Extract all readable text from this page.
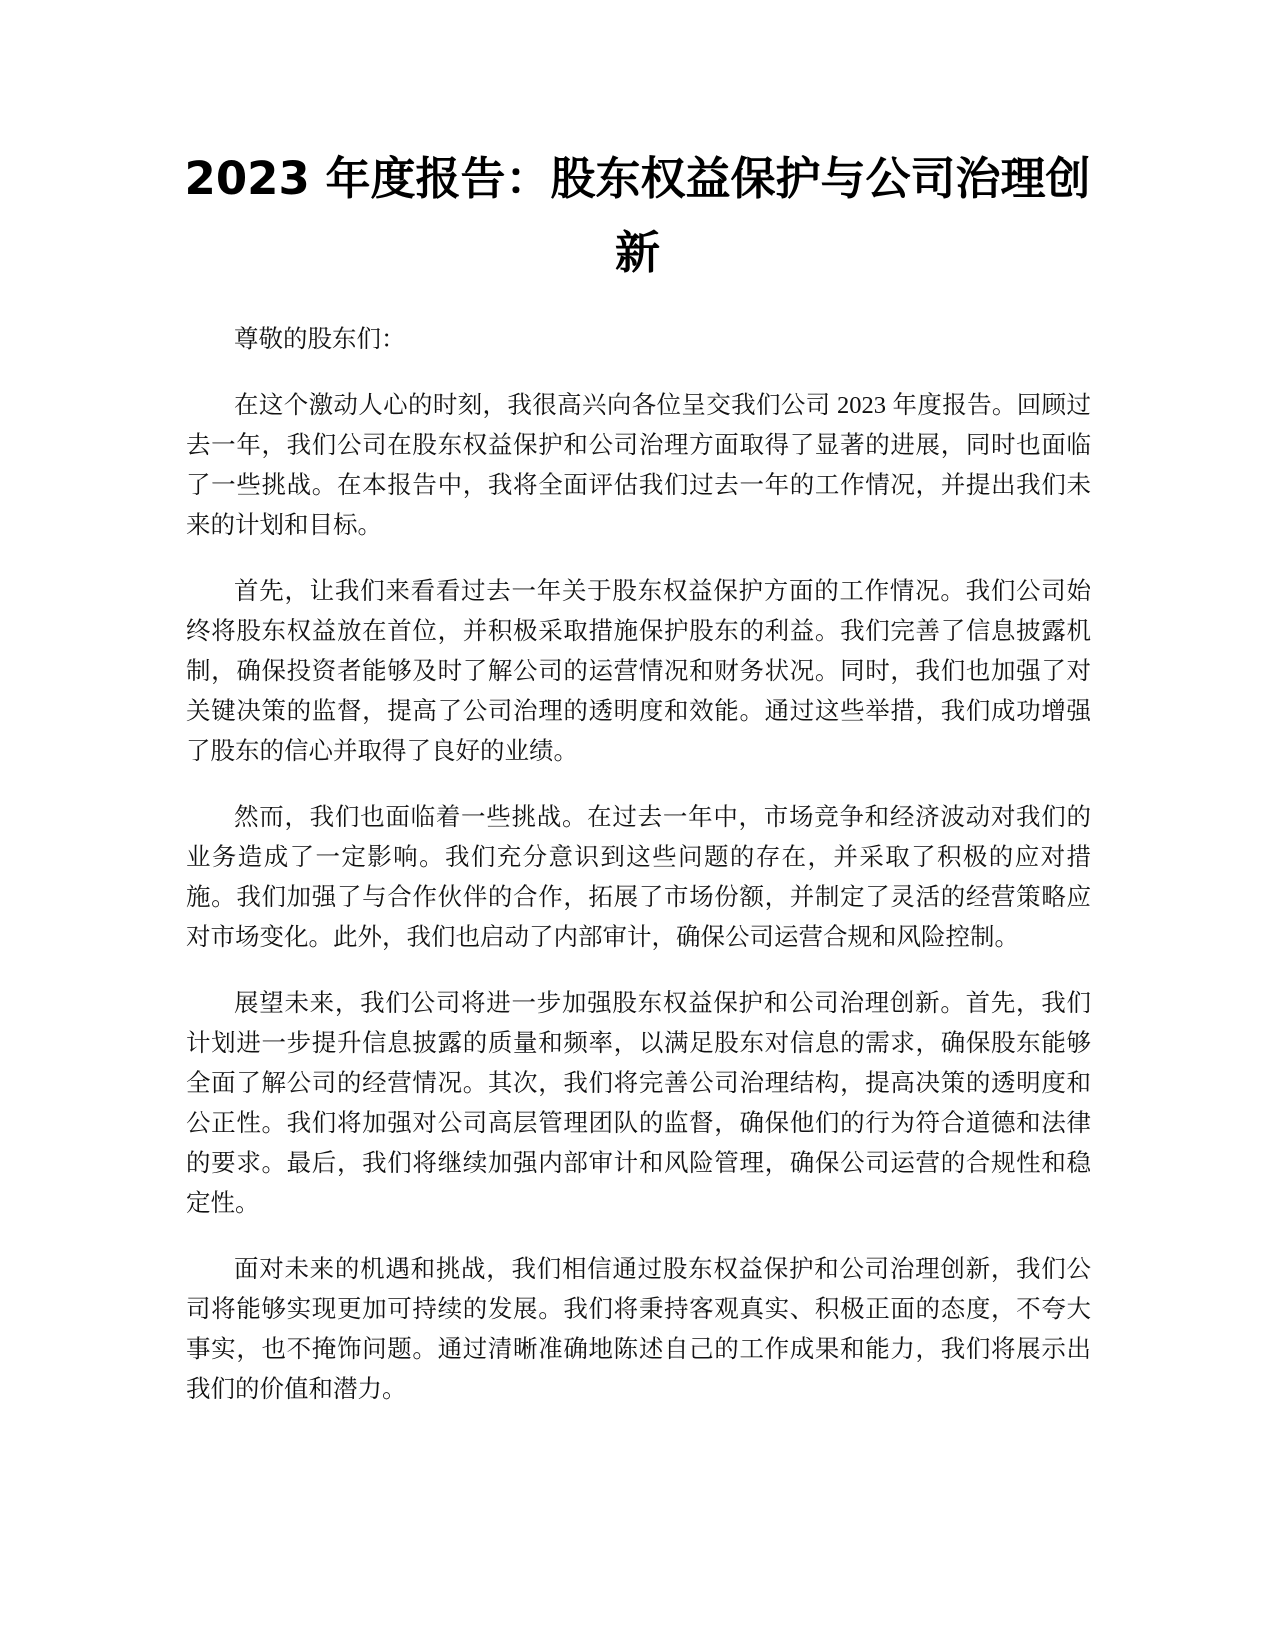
2023 年度报告：股东权益保护与公司治理创新

尊敬的股东们：

在这个激动人心的时刻，我很高兴向各位呈交我们公司 2023 年度报告。回顾过去一年，我们公司在股东权益保护和公司治理方面取得了显著的进展，同时也面临了一些挑战。在本报告中，我将全面评估我们过去一年的工作情况，并提出我们未来的计划和目标。

首先，让我们来看看过去一年关于股东权益保护方面的工作情况。我们公司始终将股东权益放在首位，并积极采取措施保护股东的利益。我们完善了信息披露机制，确保投资者能够及时了解公司的运营情况和财务状况。同时，我们也加强了对关键决策的监督，提高了公司治理的透明度和效能。通过这些举措，我们成功增强了股东的信心并取得了良好的业绩。

然而，我们也面临着一些挑战。在过去一年中，市场竞争和经济波动对我们的业务造成了一定影响。我们充分意识到这些问题的存在，并采取了积极的应对措施。我们加强了与合作伙伴的合作，拓展了市场份额，并制定了灵活的经营策略应对市场变化。此外，我们也启动了内部审计，确保公司运营合规和风险控制。

展望未来，我们公司将进一步加强股东权益保护和公司治理创新。首先，我们计划进一步提升信息披露的质量和频率，以满足股东对信息的需求，确保股东能够全面了解公司的经营情况。其次，我们将完善公司治理结构，提高决策的透明度和公正性。我们将加强对公司高层管理团队的监督，确保他们的行为符合道德和法律的要求。最后，我们将继续加强内部审计和风险管理，确保公司运营的合规性和稳定性。

面对未来的机遇和挑战，我们相信通过股东权益保护和公司治理创新，我们公司将能够实现更加可持续的发展。我们将秉持客观真实、积极正面的态度，不夸大事实，也不掩饰问题。通过清晰准确地陈述自己的工作成果和能力，我们将展示出我们的价值和潜力。
